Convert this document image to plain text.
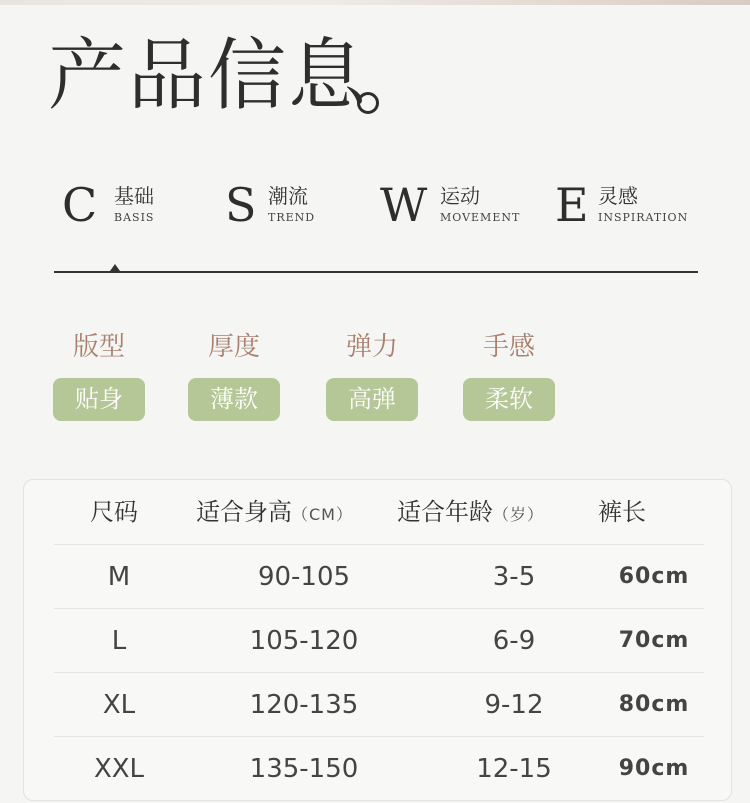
产品信息
C 基础
BASIS S 潮流
TREND W 运动
MOVEMENT E 灵感
INSPIRATION
版型
贴身
厚度
薄款
弹力
高弹
手感
柔软
尺码 适合身高（CM） 适合年龄（岁） 裤长
M	90-105	3-5	60cm
L	105-120	6-9	70cm
XL	120-135	9-12	80cm
XXL	135-150	12-15	90cm
